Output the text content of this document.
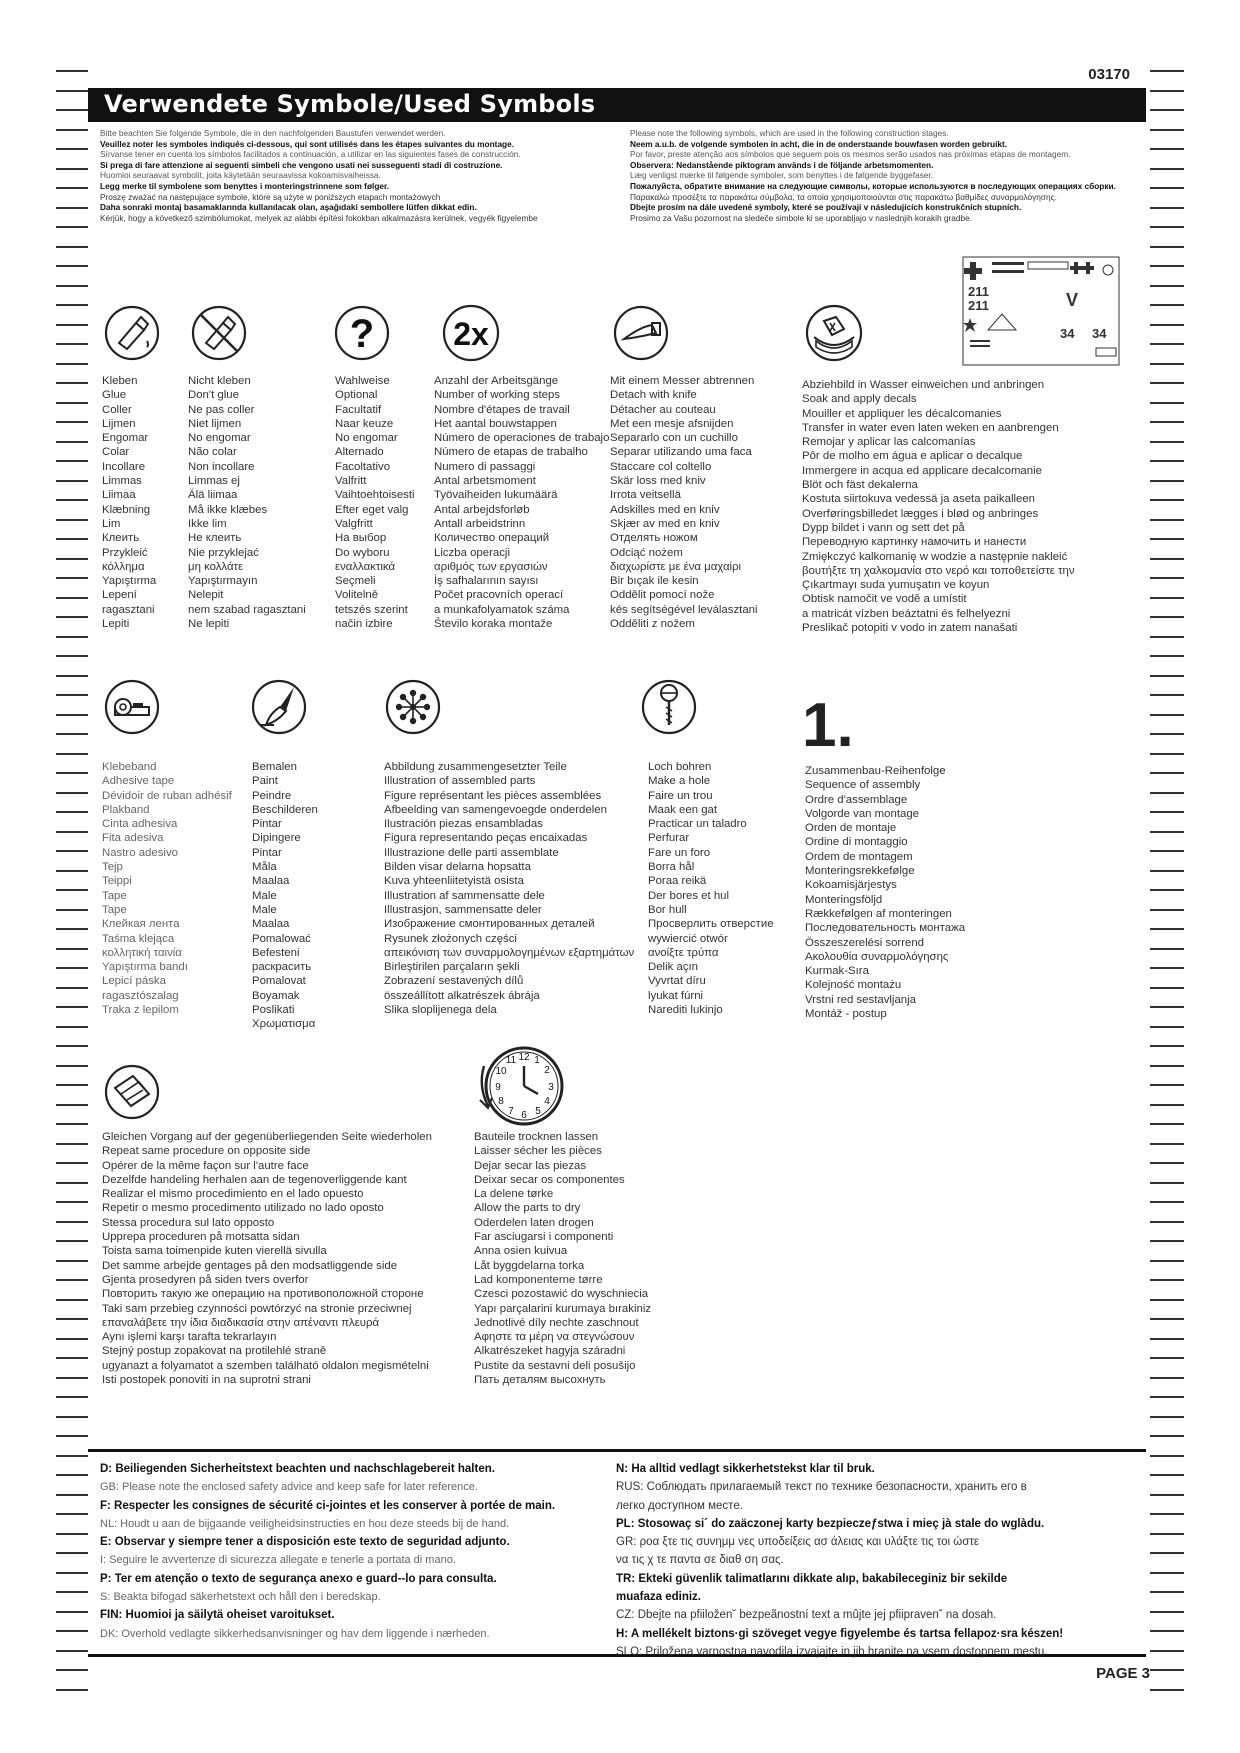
03170
Verwendete Symbole/Used Symbols
Bitte beachten Sie folgende Symbole, die in den nachfolgenden Baustufen verwendet werden.
Veuillez noter les symboles indiqués ci-dessous, qui sont utilisés dans les étapes suivantes du montage.
Sírvanse tener en cuenta los símbolos facilitados a continuación, a utilizar en las siguientes fases de construcción.
Si prega di fare attenzione ai seguenti simbeli che vengono usati nei susseguenti stadi di costruzione.
Huomioi seuraavat symbolit, joita käytetään seuraavissa kokoamisvaiheissa.
Legg merke til symbolene som benyttes i monteringstrinnene som følger.
Proszę zważać na następujące symbole, które są użyte w poniższych etapach montażowych
Daha sonraki montaj basamaklarında kullanılacak olan, aşağıdaki sembollere lütfen dikkat edin.
Kérjük, hogy a következő szimbólumokat, melyek az alábbi építési fokokban alkalmazásra kerülnek, vegyék figyelembe
Please note the following symbols, which are used in the following construction stages.
Neem a.u.b. de volgende symbolen in acht, die in de onderstaande bouwfasen worden gebruikt.
Por favor, preste atenção aos símbolos que seguem pois os mesmos serão usados nas próximas etapas de montagem.
Observera: Nedanstående piktogram används i de följande arbetsmomenten.
Læg venligst mærke til følgende symboler, som benyttes i de følgende byggefaser.
Пожалуйста, обратите внимание на следующие символы, которые используются в последующих операциях сборки.
Παρακαλώ προσέξτε τα παρακάτω σύμβολα, τα οποία χρησιμοποιούνται στις παρακάτω βαθμίδες συναρμολόγησης.
Dbejte prosím na dále uvedené symboly, které se používají v následujících konstrukčních stupních.
Prosimo za Vašu pozornost na sledeče simbole ki se uporabljajo v naslednjih korakih gradbe.
? 2x
211
211	V
34 34
Kleben
Glue
Coller
Lijmen
Engomar
Colar
Incollare
Limmas
Liimaa
Klæbning
Lim
Клеить
Przykleić
κόλλημα
Yapıştırma
Lepení
ragasztani
Lepiti
Nicht kleben
Don't glue
Ne pas coller
Niet lijmen
No engomar
Não colar
Non incollare
Limmas ej
Älä liimaa
Må ikke klæbes
Ikke lim
Не клеить
Nie przyklejać
μη κολλάτε
Yapıştırmayın
Nelepit
nem szabad ragasztani
Ne lepiti
Wahlweise
Optional
Facultatif
Naar keuze
No engomar
Alternado
Facoltativo
Valfritt
Vaihtoehtoisesti
Efter eget valg
Valgfritt
На выбор
Do wyboru
εναλλακτικά
Seçmeli
Volitelně
tetszés szerint
način izbire
Anzahl der Arbeitsgänge
Number of working steps
Nombre d'étapes de travail
Het aantal bouwstappen
Número de operaciones de trabajo
Número de etapas de trabalho
Numero di passaggi
Antal arbetsmoment
Työvaiheiden lukumäärä
Antal arbejdsforløb
Antall arbeidstrinn
Количество операций
Liczba operacji
αριθμός των εργασιών
İş safhalarının sayısı
Počet pracovních operací
a munkafolyamatok száma
Število koraka montaže
Mit einem Messer abtrennen
Detach with knife
Détacher au couteau
Met een mesje afsnijden
Separarlo con un cuchillo
Separar utilizando uma faca
Staccare col coltello
Skär loss med kniv
Irrota veitsellä
Adskilles med en kniv
Skjær av med en kniv
Отделять ножом
Odciąć nożem
διαχωρίστε με ένα μαχαίρι
Bir bıçak ile kesin
Oddělit pomocí nože
kés segítségével leválasztani
Odděliti z nožem
Abziehbild in Wasser einweichen und anbringen
Soak and apply decals
Mouiller et appliquer les décalcomanies
Transfer in water even laten weken en aanbrengen
Remojar y aplicar las calcomanías
Pôr de molho em água e aplicar o decalque
Immergere in acqua ed applicare decalcomanie
Blöt och fäst dekalerna
Kostuta siirtokuva vedessä ja aseta paikalleen
Overføringsbilledet lægges i blød og anbringes
Dypp bildet i vann og sett det på
Переводную картинку намочить и нанести
Zmiękczyć kalkomanię w wodzie a następnie nakleić
βουτήξτε τη χαλκομανία στο νερό και τοποθετείστε την
Çıkartmayı suda yumuşatın ve koyun
Obtisk namočit ve vodě a umístit
a matricát vízben beáztatni és felhelyezni
Preslikač potopiti v vodo in zatem nanašati
1.
Klebeband
Adhesive tape
Dévidoir de ruban adhésif
Plakband
Cinta adhesiva
Fita adesiva
Nastro adesivo
Tejp
Teippi
Tape
Tape
Клейкая лента
Taśma klejąca
κολλητική ταινία
Yapıştırma bandı
Lepicí páska
ragasztószalag
Traka z lepilom
Bemalen
Paint
Peindre
Beschilderen
Pintar
Dipingere
Pintar
Måla
Maalaa
Male
Male
Maalaa
Pomalować
Befesteni
раскрасить
Pomalovat
Boyamak
Poslikati
Χρωματισμα
Abbildung zusammengesetzter Teile
Illustration of assembled parts
Figure représentant les pièces assemblées
Afbeelding van samengevoegde onderdelen
Ilustración piezas ensambladas
Figura representando peças encaixadas
Illustrazione delle parti assemblate
Bilden visar delarna hopsatta
Kuva yhteenliitetyistä osista
Illustration af sammensatte dele
Illustrasjon, sammensatte deler
Изображение смонтированных деталей
Rysunek złożonych części
απεικόνιση των συναρμολογημένων εξαρτημάτων
Birleştirilen parçaların şekli
Zobrazení sestavených dílů
összeállított alkatrészek ábrája
Slika sloplijenega dela
Loch bohren
Make a hole
Faire un trou
Maak een gat
Practicar un taladro
Perfurar
Fare un foro
Borra hål
Poraa reikä
Der bores et hul
Bor hull
Просверлить отверстие
wywiercić otwór
ανοίξτε τρύπα
Delik açın
Vyvrtat díru
lyukat fúrni
Narediti lukinjo
Zusammenbau-Reihenfolge
Sequence of assembly
Ordre d'assemblage
Volgorde van montage
Orden de montaje
Ordine di montaggio
Ordem de montagem
Monteringsrekkefølge
Kokoamisjärjestys
Monteringsföljd
Rækkefølgen af monteringen
Последовательность монтажа
Összeszerelési sorrend
Ακολουθία συναρμολόγησης
Kurmak-Sıra
Kolejność montażu
Vrstni red sestavljanja
Montáž - postup
12 1
2
3
4
5
6
7
8
9
10
11
Gleichen Vorgang auf der gegenüberliegenden Seite wiederholen
Repeat same procedure on opposite side
Opérer de la même façon sur l'autre face
Dezelfde handeling herhalen aan de tegenoverliggende kant
Realizar el mismo procedimiento en el lado opuesto
Repetir o mesmo procedimento utilizado no lado oposto
Stessa procedura sul lato opposto
Upprepa proceduren på motsatta sidan
Toista sama toimenpide kuten vierellä sivulla
Det samme arbejde gentages på den modsatliggende side
Gjenta prosedyren på siden tvers overfor
Повторить такую же операцию на противоположной стороне
Taki sam przebieg czynności powtórzyć na stronie przeciwnej
επαναλάβετε την ίδια διαδικασία στην απέναντι πλευρά
Aynı işlemi karşı tarafta tekrarlayın
Stejný postup zopakovat na protilehlé straně
ugyanazt a folyamatot a szemben található oldalon megismételni
Isti postopek ponoviti in na suprotni strani
Bauteile trocknen lassen
Laisser sécher les pièces
Dejar secar las piezas
Deixar secar os componentes
La delene tørke
Allow the parts to dry
Oderdelen laten drogen
Far asciugarsi i componenti
Anna osien kuivua
Låt byggdelarna torka
Lad komponenterne tørre
Czesci pozostawić do wyschniecia
Yapı parçalarini kurumaya bırakiniz
Jednotlivé díly nechte zaschnout
Αφηστε τα μέρη να στεγνώσουν
Alkatrészeket hagyja száradni
Pustite da sestavni deli posušijo
Пать деталям высохнуть
D: Beiliegenden Sicherheitstext beachten und nachschlagebereit halten.
GB: Please note the enclosed safety advice and keep safe for later reference.
F: Respecter les consignes de sécurité ci-jointes et les conserver à portée de main.
NL: Houdt u aan de bijgaande veiligheidsinstructies en hou deze steeds bij de hand.
E: Observar y siempre tener a disposición este texto de seguridad adjunto.
I: Seguire le avvertenze di sicurezza allegate e tenerle a portata di mano.
P: Ter em atenção o texto de segurança anexo e guard--lo para consulta.
S: Beakta bifogad säkerhetstext och håll den i beredskap.
FIN: Huomioi ja säilytä oheiset varoitukset.
DK: Overhold vedlagte sikkerhedsanvisninger og hav dem liggende i nærheden.
N: Ha alltid vedlagt sikkerhetstekst klar til bruk.
RUS: Соблюдать прилагаемый текст по технике безопасности, хранить его в
легко доступном месте.
PL: Stosowaç si´ do zaäczonej karty bezpieczeƒstwa i mieç jà stale do wglàdu.
GR: ροα ξτε τις συνημμ νες υποδείξεις ασ άλειας και υλάξτε τις τοι ώστε
να τις χ τε παντα σε διαθ ση σας.
TR: Ekteki güvenlik talimatlarını dikkate alıp, bakabileceginiz bir sekilde
muafaza ediniz.
CZ: Dbejte na pfiiložen˘ bezpeãnostní text a mûjte jej pfiipraven˘ na dosah.
H: A mellékelt biztons·gi szöveget vegye figyelembe és tartsa fellapoz·sra készen!
SLO: Priložena varnostna navodila izvajajte in jih hranite na vsem dostopnem mestu.
PAGE 3
